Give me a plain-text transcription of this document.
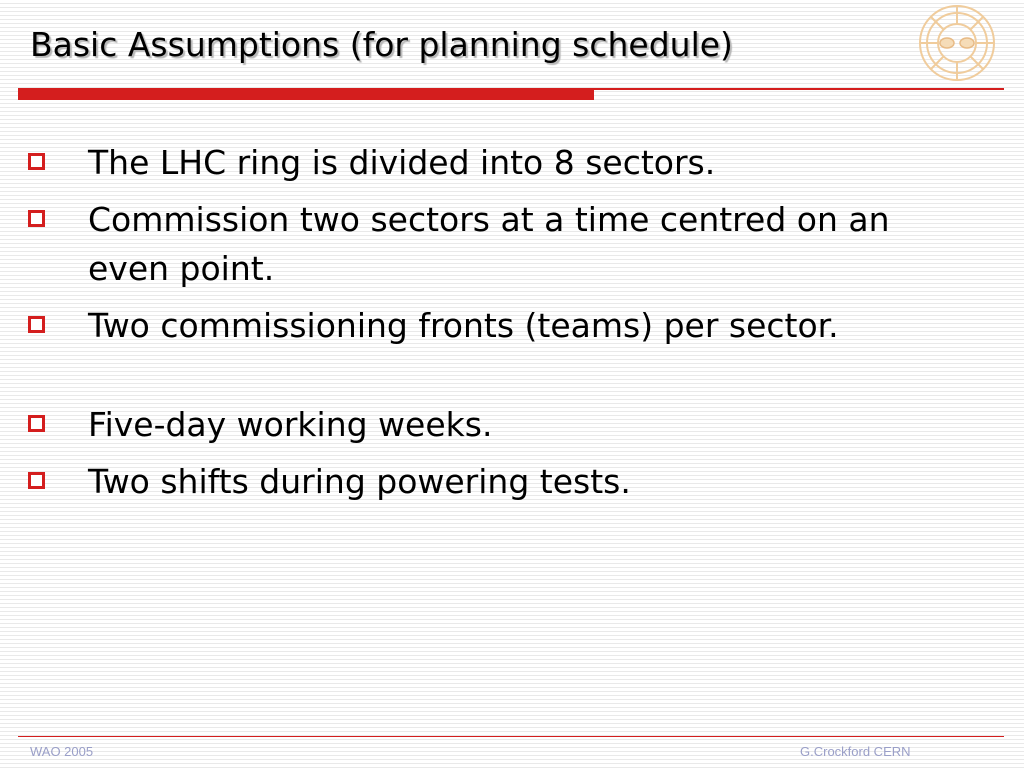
Basic Assumptions (for planning schedule)
The LHC ring is divided into 8 sectors.
Commission two sectors at a time centred on an even point.
Two commissioning fronts (teams) per sector.
Five-day working weeks.
Two shifts during powering tests.
WAO 2005	G.Crockford CERN
